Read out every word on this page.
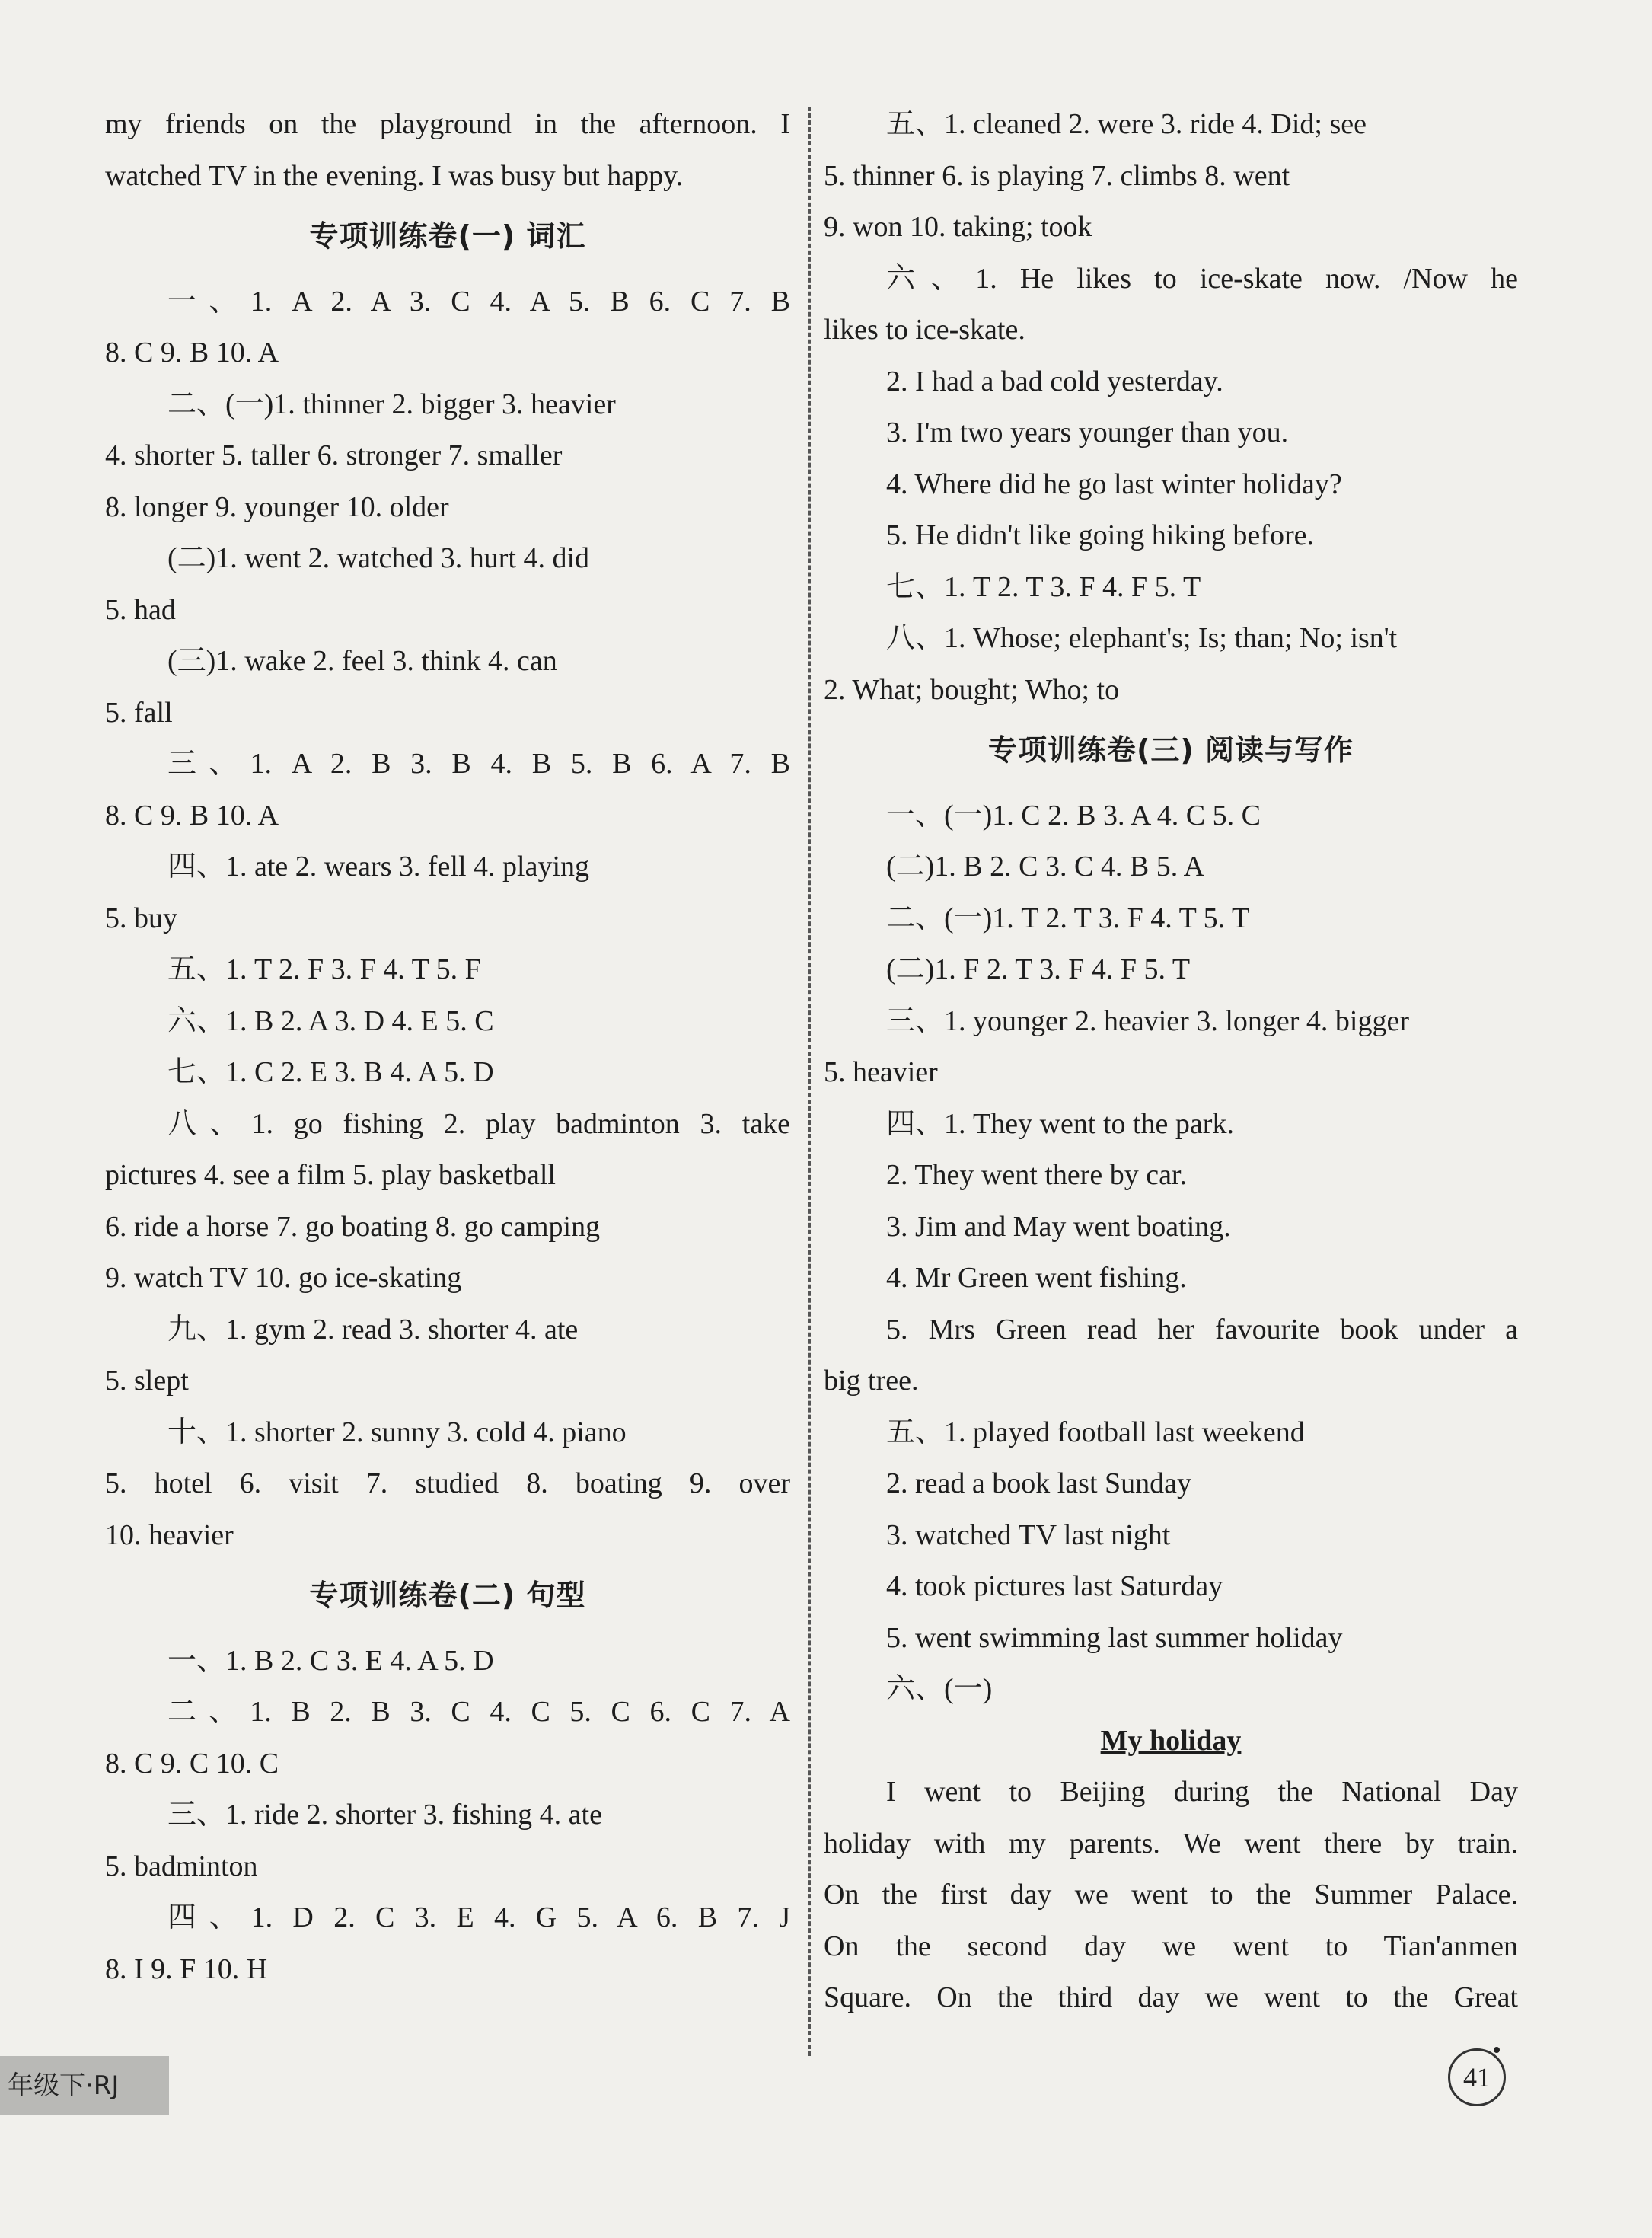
my friends on the playground in the afternoon. I
watched TV in the evening. I was busy but happy.
专项训练卷(一) 词汇
一、1. A 2. A 3. C 4. A 5. B 6. C 7. B
8. C 9. B 10. A
二、(一)1. thinner 2. bigger 3. heavier
4. shorter 5. taller 6. stronger 7. smaller
8. longer 9. younger 10. older
(二)1. went 2. watched 3. hurt 4. did
5. had
(三)1. wake 2. feel 3. think 4. can
5. fall
三、1. A 2. B 3. B 4. B 5. B 6. A 7. B
8. C 9. B 10. A
四、1. ate 2. wears 3. fell 4. playing
5. buy
五、1. T 2. F 3. F 4. T 5. F
六、1. B 2. A 3. D 4. E 5. C
七、1. C 2. E 3. B 4. A 5. D
八、1. go fishing 2. play badminton 3. take
pictures 4. see a film 5. play basketball
6. ride a horse 7. go boating 8. go camping
9. watch TV 10. go ice-skating
九、1. gym 2. read 3. shorter 4. ate
5. slept
十、1. shorter 2. sunny 3. cold 4. piano
5. hotel 6. visit 7. studied 8. boating 9. over
10. heavier
专项训练卷(二) 句型
一、1. B 2. C 3. E 4. A 5. D
二、1. B 2. B 3. C 4. C 5. C 6. C 7. A
8. C 9. C 10. C
三、1. ride 2. shorter 3. fishing 4. ate
5. badminton
四、1. D 2. C 3. E 4. G 5. A 6. B 7. J
8. I 9. F 10. H
五、1. cleaned 2. were 3. ride 4. Did; see
5. thinner 6. is playing 7. climbs 8. went
9. won 10. taking; took
六、1. He likes to ice-skate now. /Now he
likes to ice-skate.
2. I had a bad cold yesterday.
3. I'm two years younger than you.
4. Where did he go last winter holiday?
5. He didn't like going hiking before.
七、1. T 2. T 3. F 4. F 5. T
八、1. Whose; elephant's; Is; than; No; isn't
2. What; bought; Who; to
专项训练卷(三) 阅读与写作
一、(一)1. C 2. B 3. A 4. C 5. C
(二)1. B 2. C 3. C 4. B 5. A
二、(一)1. T 2. T 3. F 4. T 5. T
(二)1. F 2. T 3. F 4. F 5. T
三、1. younger 2. heavier 3. longer 4. bigger
5. heavier
四、1. They went to the park.
2. They went there by car.
3. Jim and May went boating.
4. Mr Green went fishing.
5. Mrs Green read her favourite book under a
big tree.
五、1. played football last weekend
2. read a book last Sunday
3. watched TV last night
4. took pictures last Saturday
5. went swimming last summer holiday
六、(一)
My holiday
I went to Beijing during the National Day
holiday with my parents. We went there by train.
On the first day we went to the Summer Palace.
On the second day we went to Tian'anmen
Square. On the third day we went to the Great
年级下·RJ	41
